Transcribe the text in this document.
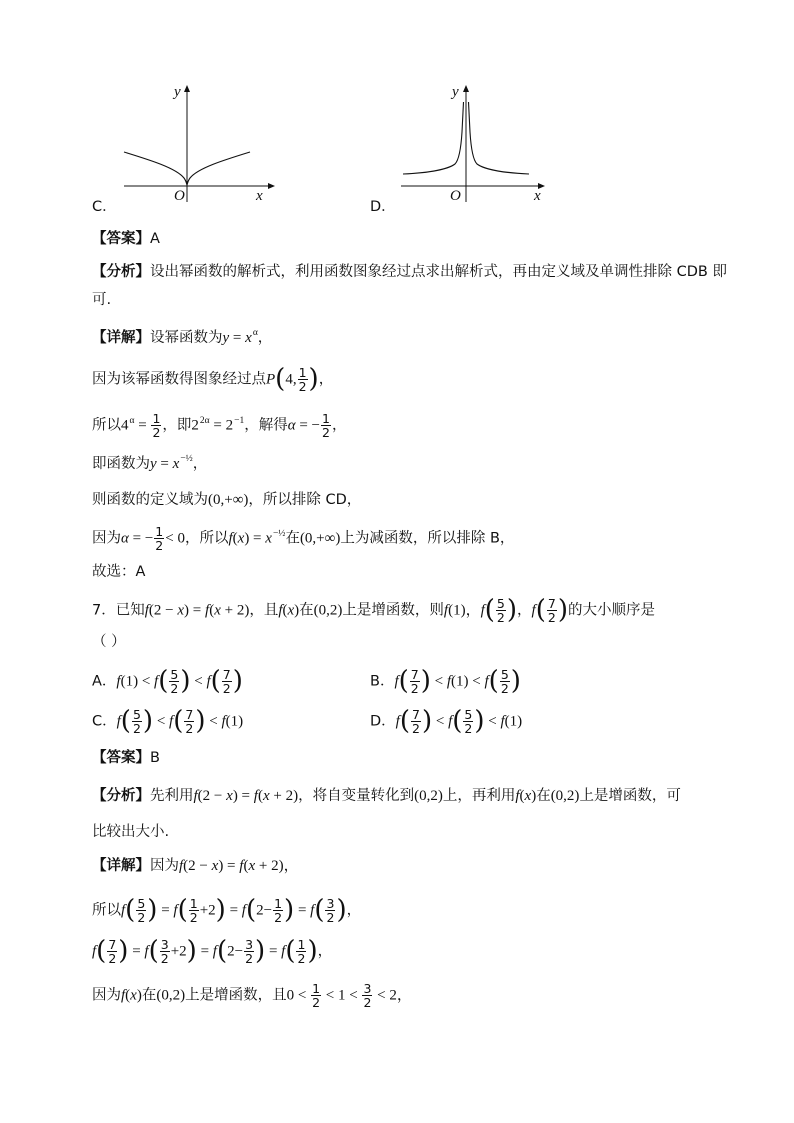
y
x
O
C．
y
x
O
D．
【答案】A
【分析】设出幂函数的解析式，利用函数图象经过点求出解析式，再由定义域及单调性排除 CDB 即
可.
【详解】设幂函数为$y = x^\alpha$，
因为该幂函数得图象经过点P(4, $\frac{1}{2}$ )，
所以$4^\alpha = \frac{1}{2}$ ，即$2^{2\alpha} = 2^{-1}$，解得α = − $\frac{1}{2}$ ，
即函数为$y = x^{-\frac{1}{2}}$，
则函数的定义域为(0,+∞)，所以排除 CD，
因为α = − $\frac{1}{2} < 0$，所以$f(x) = x^{-\frac{1}{2}}$在(0,+∞)上为减函数，所以排除 B，
故选：A
7．已知f(2 − x) = f(x + 2)，且f(x)在(0,2)上是增函数，则f(1)，$f( \frac{5}{2}$ )，$f( \frac{7}{2}$ )的大小顺序是
（ ）
A．$f(1) < f( \frac{5}{2}$ ) < $f( \frac{7}{2}$ )	B．$f( \frac{7}{2}$ ) < $f(1) < f( \frac{5}{2}$ )
C．$f( \frac{5}{2}$ ) < $f( \frac{7}{2}$ ) < f(1)	D．$f( \frac{7}{2}$ ) < $f( \frac{5}{2}$ ) < f(1)
【答案】B
【分析】先利用f(2 − x) = f(x + 2)，将自变量转化到(0,2)上，再利用f(x)在(0,2)上是增函数，可
比较出大小.
【详解】因为f(2 − x) = f(x + 2)，
所以$f( \frac{5}{2}$ ) = $f( \frac{1}{2} +2) = f(2- \frac{1}{2}$ ) = $f( \frac{3}{2}$ )，
$f( \frac{7}{2}$ ) = $f( \frac{3}{2} +2) = f(2- \frac{3}{2}$ ) = $f( \frac{1}{2}$ )，
因为f(x)在(0,2)上是增函数，且$0 < \frac{1}{2} < 1 < \frac{3}{2} < 2$，
